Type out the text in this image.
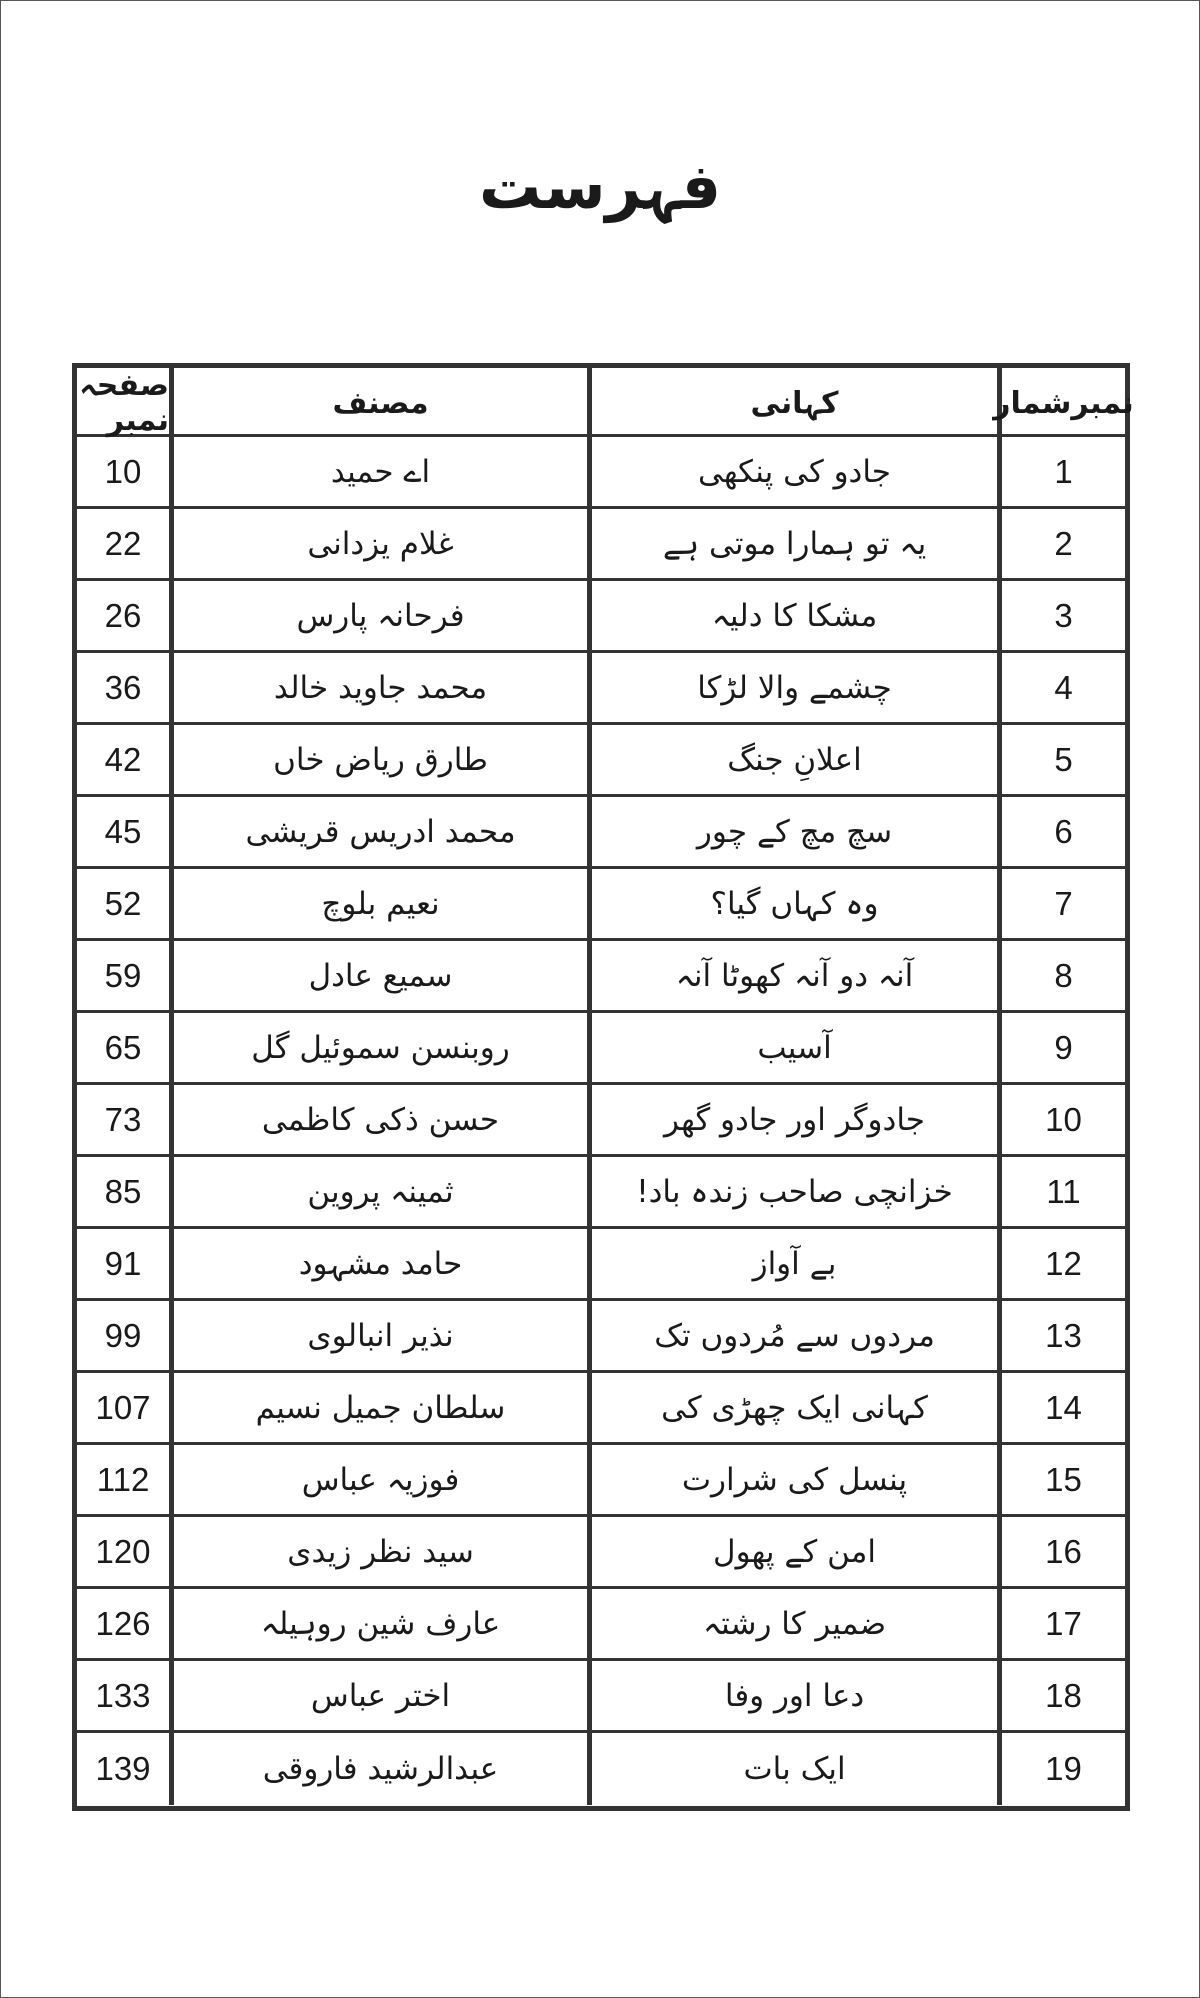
فہرست
نمبرشمار
کہانی
مصنف
صفحہ نمبر
1
جادو کی پنکھی
اے حمید
10
2
یہ تو ہمارا موتی ہے
غلام یزدانی
22
3
مشکا کا دلیہ
فرحانہ پارس
26
4
چشمے والا لڑکا
محمد جاوید خالد
36
5
اعلانِ جنگ
طارق ریاض خاں
42
6
سچ مچ کے چور
محمد ادریس قریشی
45
7
وہ کہاں گیا؟
نعیم بلوچ
52
8
آنہ دو آنہ کھوٹا آنہ
سمیع عادل
59
9
آسیب
روبنسن سموئیل گل
65
10
جادوگر اور جادو گھر
حسن ذکی کاظمی
73
11
خزانچی صاحب زندہ باد!
ثمینہ پروین
85
12
بے آواز
حامد مشہود
91
13
مردوں سے مُردوں تک
نذیر انبالوی
99
14
کہانی ایک چھڑی کی
سلطان جمیل نسیم
107
15
پنسل کی شرارت
فوزیہ عباس
112
16
امن کے پھول
سید نظر زیدی
120
17
ضمیر کا رشتہ
عارف شین روہیلہ
126
18
دعا اور وفا
اختر عباس
133
19
ایک بات
عبدالرشید فاروقی
139
